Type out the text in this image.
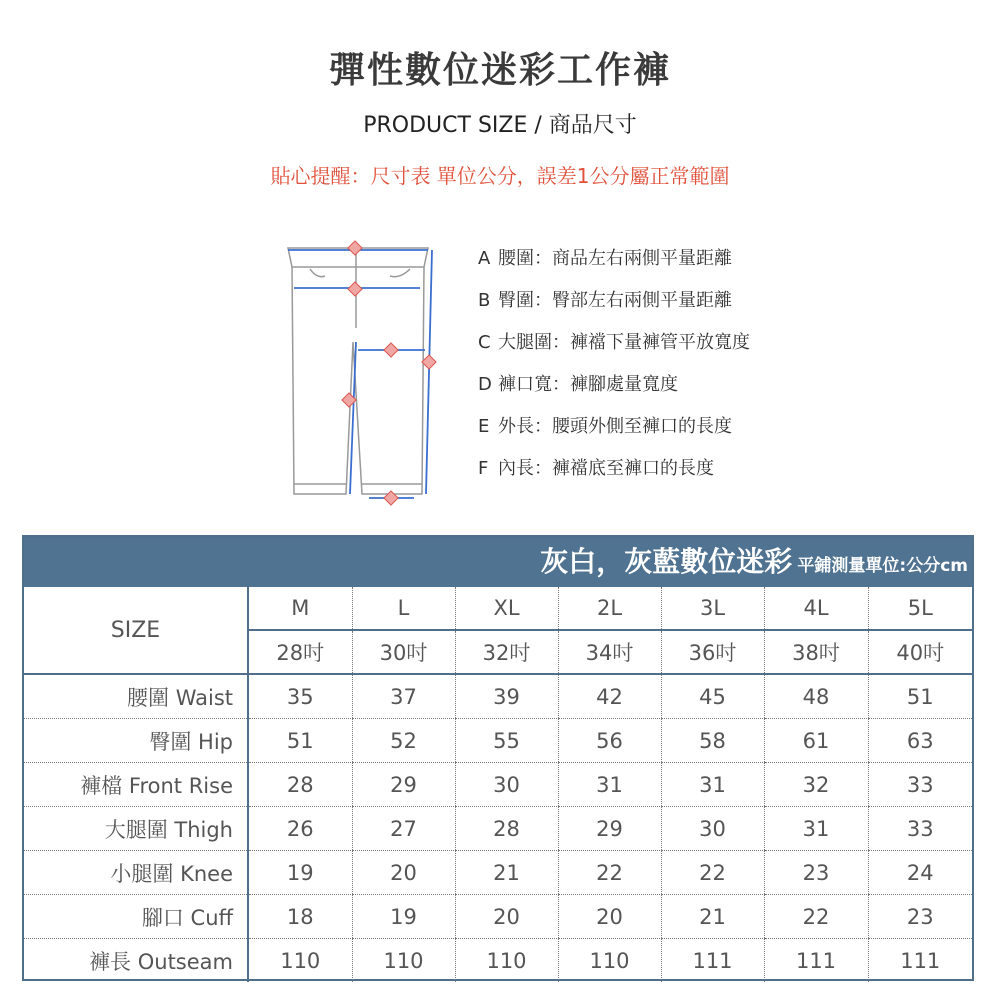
彈性數位迷彩工作褲
PRODUCT SIZE / 商品尺寸
貼心提醒：尺寸表 單位公分，誤差1公分屬正常範圍
A 腰圍：商品左右兩側平量距離
B 臀圍：臀部左右兩側平量距離
C 大腿圍：褲襠下量褲管平放寬度
D 褲口寬：褲腳處量寬度
E 外長：腰頭外側至褲口的長度
F 內長：褲襠底至褲口的長度
灰白，灰藍數位迷彩 平鋪測量單位:公分cm
SIZE	M	L	XL	2L	3L	4L	5L
	28吋	30吋	32吋	34吋	36吋	38吋	40吋
腰圍 Waist	35	37	39	42	45	48	51
臀圍 Hip	51	52	55	56	58	61	63
褲檔 Front Rise	28	29	30	31	31	32	33
大腿圍 Thigh	26	27	28	29	30	31	33
小腿圍 Knee	19	20	21	22	22	23	24
腳口 Cuff	18	19	20	20	21	22	23
褲長 Outseam	110	110	110	110	111	111	111
